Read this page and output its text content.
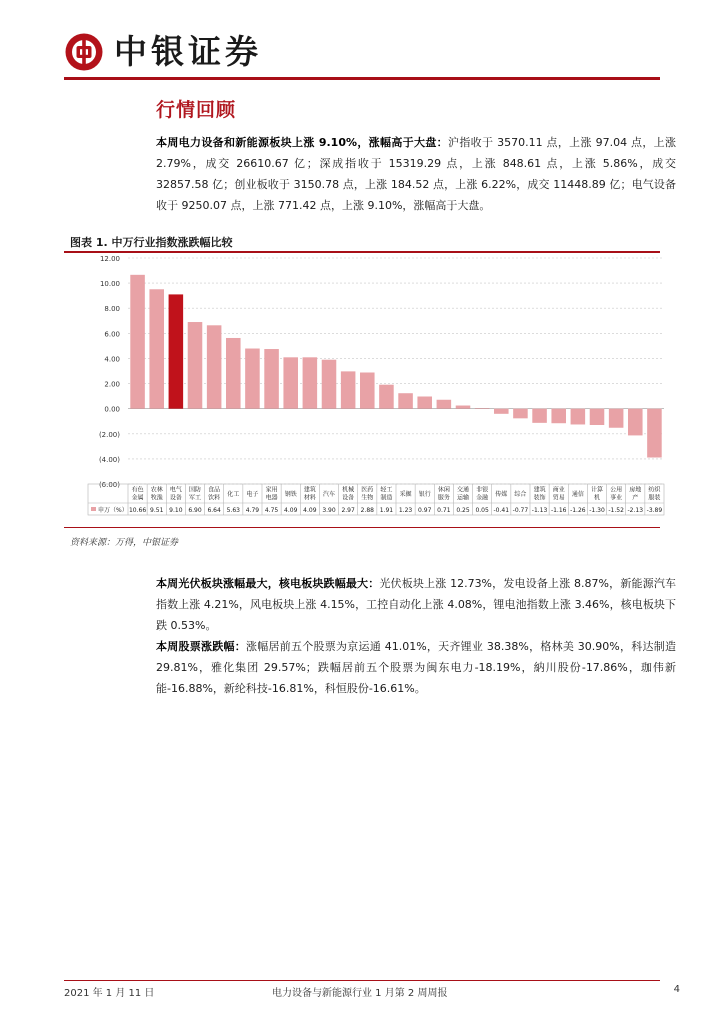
中银证券
行情回顾
本周电力设备和新能源板块上涨 9.10%，涨幅高于大盘：沪指收于 3570.11 点，上涨 97.04 点，上涨 2.79%，成交 26610.67 亿；深成指收于 15319.29 点，上涨 848.61 点，上涨 5.86%，成交 32857.58 亿；创业板收于 3150.78 点，上涨 184.52 点，上涨 6.22%，成交 11448.89 亿；电气设备收于 9250.07 点，上涨 771.42 点，上涨 9.10%，涨幅高于大盘。
图表 1. 中万行业指数涨跌幅比较
12.00
10.00
8.00
6.00
4.00
2.00
0.00
(2.00)
(4.00)
(6.00)
有色
金属
农林
牧渔
电气
设备
国防
军工
食品
饮料 化工 电子
家用
电器 钢铁
建筑
材料 汽车
机械
设备
医药
生物
轻工
制造 采掘 银行
休闲
服务
交通
运输
非银
金融 传媒 综合
建筑
装饰
商业
贸易 通信
计算
机
公用
事业
房地
产
纺织
服装
申万（%） 10.66 9.51 9.10 6.90 6.64 5.63 4.79 4.75 4.09 4.09 3.90 2.97 2.88 1.91 1.23 0.97 0.71 0.25 0.05 -0.41 -0.77 -1.13 -1.16 -1.26 -1.30 -1.52 -2.13 -3.89
资料来源：万得，中银证券
本周光伏板块涨幅最大，核电板块跌幅最大：光伏板块上涨 12.73%，发电设备上涨 8.87%，新能源汽车指数上涨 4.21%，风电板块上涨 4.15%，工控自动化上涨 4.08%，锂电池指数上涨 3.46%，核电板块下跌 0.53%。
本周股票涨跌幅：涨幅居前五个股票为京运通 41.01%，天齐锂业 38.38%，格林美 30.90%，科达制造 29.81%，雅化集团 29.57%；跌幅居前五个股票为闽东电力-18.19%，納川股份-17.86%，珈伟新能-16.88%，新纶科技-16.81%，科恒股份-16.61%。
2021 年 1 月 11 日	电力设备与新能源行业 1 月第 2 周周报	4
